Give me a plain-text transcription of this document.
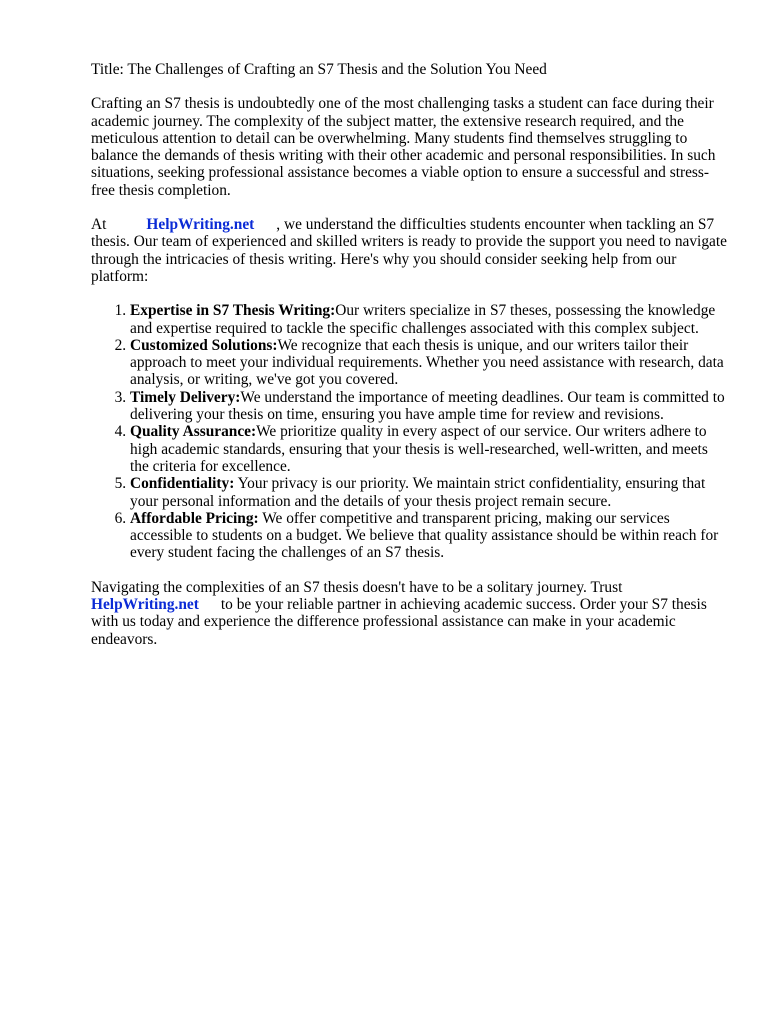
Title: The Challenges of Crafting an S7 Thesis and the Solution You Need

Crafting an S7 thesis is undoubtedly one of the most challenging tasks a student can face during their academic journey. The complexity of the subject matter, the extensive research required, and the meticulous attention to detail can be overwhelming. Many students find themselves struggling to balance the demands of thesis writing with their other academic and personal responsibilities. In such situations, seeking professional assistance becomes a viable option to ensure a successful and stress-free thesis completion.

At	HelpWriting.net , we understand the difficulties students encounter when tackling an S7 thesis. Our team of experienced and skilled writers is ready to provide the support you need to navigate through the intricacies of thesis writing. Here's why you should consider seeking help from our platform:

1. Expertise in S7 Thesis Writing:Our writers specialize in S7 theses, possessing the knowledge and expertise required to tackle the specific challenges associated with this complex subject.
2. Customized Solutions:We recognize that each thesis is unique, and our writers tailor their approach to meet your individual requirements. Whether you need assistance with research, data analysis, or writing, we've got you covered.
3. Timely Delivery:We understand the importance of meeting deadlines. Our team is committed to delivering your thesis on time, ensuring you have ample time for review and revisions.
4. Quality Assurance:We prioritize quality in every aspect of our service. Our writers adhere to high academic standards, ensuring that your thesis is well-researched, well-written, and meets the criteria for excellence.
5. Confidentiality: Your privacy is our priority. We maintain strict confidentiality, ensuring that your personal information and the details of your thesis project remain secure.
6. Affordable Pricing: We offer competitive and transparent pricing, making our services accessible to students on a budget. We believe that quality assistance should be within reach for every student facing the challenges of an S7 thesis.

Navigating the complexities of an S7 thesis doesn't have to be a solitary journey. Trust
HelpWriting.net to be your reliable partner in achieving academic success. Order your S7 thesis with us today and experience the difference professional assistance can make in your academic endeavors.
